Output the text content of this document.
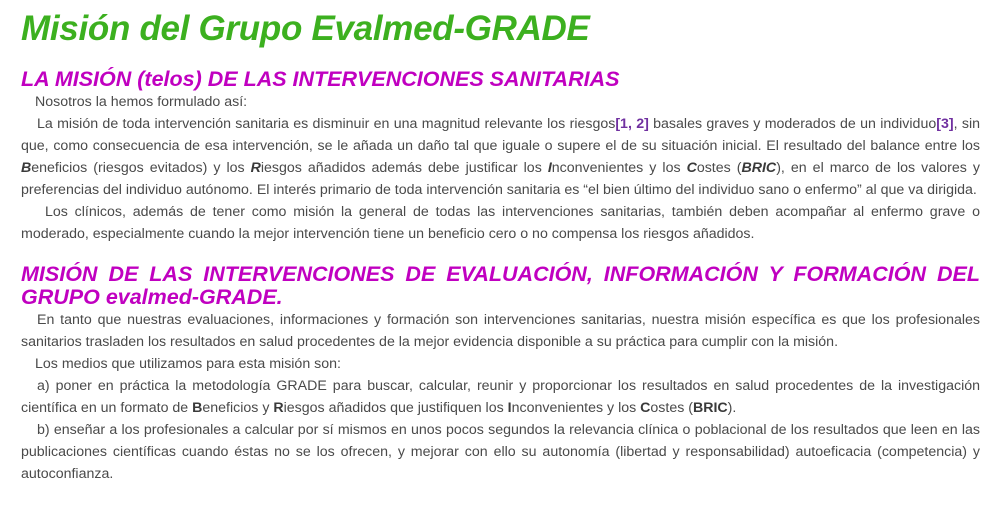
Misión del Grupo Evalmed-GRADE
LA MISIÓN (telos) DE LAS INTERVENCIONES SANITARIAS

Nosotros la hemos formulado así:

La misión de toda intervención sanitaria es disminuir en una magnitud relevante los riesgos[1, 2] basales graves y moderados de un individuo[3], sin que, como consecuencia de esa intervención, se le añada un daño tal que iguale o supere el de su situación inicial. El resultado del balance entre los Beneficios (riesgos evitados) y los Riesgos añadidos además debe justificar los Inconvenientes y los Costes (BRIC), en el marco de los valores y preferencias del individuo autónomo. El interés primario de toda intervención sanitaria es “el bien último del individuo sano o enfermo” al que va dirigida.

Los clínicos, además de tener como misión la general de todas las intervenciones sanitarias, también deben acompañar al enfermo grave o moderado, especialmente cuando la mejor intervención tiene un beneficio cero o no compensa los riesgos añadidos.

MISIÓN DE LAS INTERVENCIONES DE EVALUACIÓN, INFORMACIÓN Y FORMACIÓN DEL GRUPO evalmed-GRADE.

En tanto que nuestras evaluaciones, informaciones y formación son intervenciones sanitarias, nuestra misión específica es que los profesionales sanitarios trasladen los resultados en salud procedentes de la mejor evidencia disponible a su práctica para cumplir con la misión.

Los medios que utilizamos para esta misión son:

a) poner en práctica la metodología GRADE para buscar, calcular, reunir y proporcionar los resultados en salud procedentes de la investigación científica en un formato de Beneficios y Riesgos añadidos que justifiquen los Inconvenientes y los Costes (BRIC).

b) enseñar a los profesionales a calcular por sí mismos en unos pocos segundos la relevancia clínica o poblacional de los resultados que leen en las publicaciones científicas cuando éstas no se los ofrecen, y mejorar con ello su autonomía (libertad y responsabilidad) autoeficacia (competencia) y autoconfianza.
